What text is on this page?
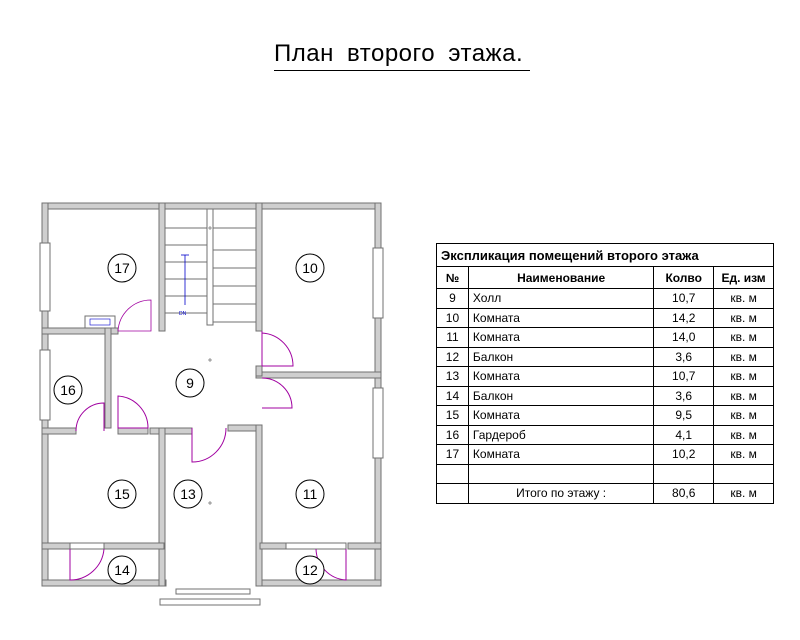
План второго этажа.
DN
17	10
16	9
15	13	11
14	12
Экспликация помещений второго этажа			
№	Наименование	Колво	Ед. изм
9	Холл	10,7	кв. м
10	Комната	14,2	кв. м
11	Комната	14,0	кв. м
12	Балкон	3,6	кв. м
13	Комната	10,7	кв. м
14	Балкон	3,6	кв. м
15	Комната	9,5	кв. м
16	Гардероб	4,1	кв. м
17	Комната	10,2	кв. м

	Итого по этажу :	80,6	кв. м
